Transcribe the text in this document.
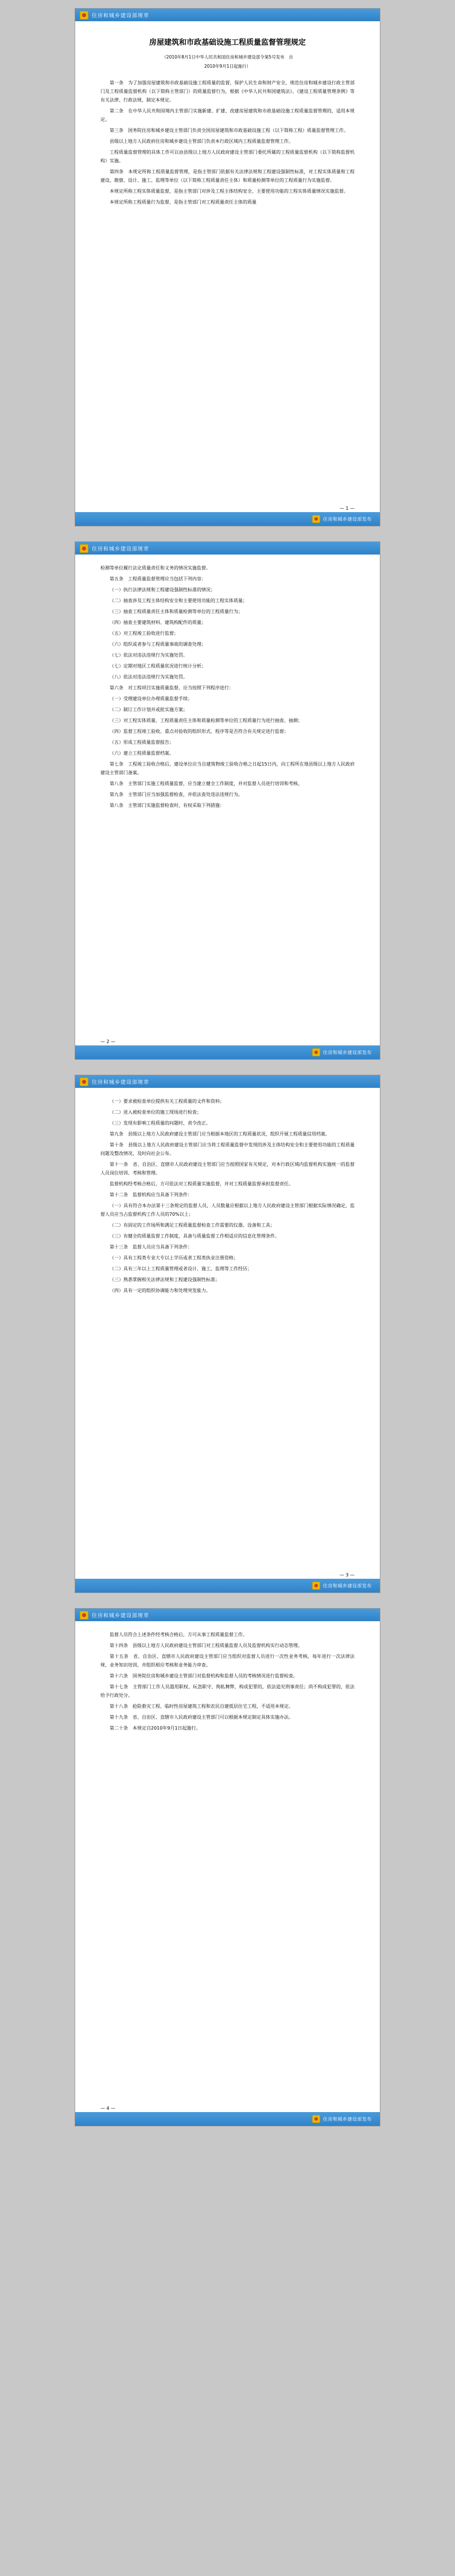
住房和城乡建设部规章
房屋建筑和市政基础设施工程质量监督管理规定
（2010年8月1日中华人民共和国住房和城乡建设部令第5号发布　自
2010年9月1日起施行）

第一条　为了加强房屋建筑和市政基础设施工程质量的监督，保护人民生命和财产安全，规范住房和城乡建设行政主管部门及工程质量监督机构（以下简称主管部门）的质量监督行为，根据《中华人民共和国建筑法》、《建设工程质量管理条例》等有关法律、行政法规，制定本规定。

第二条　在中华人民共和国境内主管部门实施新建、扩建、改建房屋建筑和市政基础设施工程质量监督管理的，适用本规定。

第三条　国务院住房和城乡建设主管部门负责全国房屋建筑和市政基础设施工程（以下简称工程）质量监督管理工作。

县级以上地方人民政府住房和城乡建设主管部门负责本行政区域内工程质量监督管理工作。

工程质量监督管理的具体工作可以由县级以上地方人民政府建设主管部门委托所属的工程质量监督机构（以下简称监督机构）实施。

第四条　本规定所称工程质量监督管理，是指主管部门依据有关法律法规和工程建设强制性标准，对工程实体质量和工程建设、勘察、设计、施工、监理等单位（以下简称工程质量责任主体）和质量检测等单位的工程质量行为实施监督。

本规定所称工程实体质量监督，是指主管部门对涉及工程主体结构安全、主要使用功能的工程实体质量情况实施监督。

本规定所称工程质量行为监督，是指主管部门对工程质量责任主体的质量

— 1 —
住房和城乡建设部发布
住房和城乡建设部规章

检测等单位履行法定质量责任和义务的情况实施监督。

第五条　工程质量监督管理应当包括下列内容：

（一）执行法律法规和工程建设强制性标准的情况；

（二）抽查涉及工程主体结构安全和主要使用功能的工程实体质量；

（三）抽查工程质量责任主体和质量检测等单位的工程质量行为；

（四）抽查主要建筑材料、建筑构配件的质量；

（五）对工程竣工验收进行监督；

（六）组织或者参与工程质量事故的调查处理；

（七）依法对违法违规行为实施处罚。

（七）定期对地区工程质量状况进行统计分析；

（八）依法对违法违规行为实施处罚。

第六条　对工程项目实施质量监督，应当按照下列程序进行：

（一）受理建设单位办理质量监督手续；

（二）制订工作计划并或批实施方案；

（三）对工程实体质量、工程质量责任主体和质量检测等单位的工程质量行为进行抽查、抽测；

（四）监督工程竣工验收、重点对验收的组织形式、程序等是否符合有关规定进行监督；

（五）形成工程质量监督报告；

（六）建立工程质量监督档案。

第七条　工程竣工验收合格后，建设单位应当自建筑物竣工验收合格之日起15日内，向工程所在地县级以上地方人民政府建设主管部门备案。

第八条　主管部门实施工程质量监督，应当建立健全工作制度，并对监督人员进行培训和考核。

第九条　主管部门应当加强监督检查，并依法查处违法违规行为。

第八条　主管部门实施监督检查时，有权采取下列措施：

— 2 —
住房和城乡建设部发布
住房和城乡建设部规章

（一）要求被检查单位提供有关工程质量的文件和资料；

（二）进入被检查单位的施工现场进行检查；

（三）发现有影响工程质量的问题时，责令改正。

第九条　县级以上地方人民政府建设主管部门应当根据本地区的工程质量状况，组织开展工程质量信用档案。

第十条　县级以上地方人民政府建设主管部门应当将工程质量监督中发现的涉及主体结构安全和主要使用功能的工程质量问题及整改情况，及时向社会公布。

第十一条　省、自治区、直辖市人民政府建设主管部门应当按照国家有关规定，对本行政区域内监督机构实施统一的监督人员岗位培训、考核和管理。

监督机构经考核合格后，方可依法对工程质量实施监督，并对工程质量监督承担监督责任。

第十二条　监督机构应当具备下列条件：

（一）具有符合本办法第十三条规定的监督人员，人员数量应根据以上地方人民政府建设主管部门根据实际情况确定，监督人员应当占监督机构工作人员的70%以上；

（二）有固定的工作场所和满足工程质量监督检查工作需要的仪器、设备和工具；

（三）有健全的质量监督工作制度，具备与质量监督工作相适应的信息化管理条件。

第十三条　监督人员应当具备下列条件：

（一）具有工程类专业大专以上学历或者工程类执业注册资格；

（二）具有三年以上工程质量管理或者设计、施工、监理等工作经历；

（三）熟悉掌握相关法律法规和工程建设强制性标准；

（四）具有一定的组织协调能力和处理突发能力。

— 3 —
住房和城乡建设部发布
住房和城乡建设部规章

监督人员符合上述条件经考核合格后，方可从事工程质量监督工作。

第十四条　县级以上地方人民政府建设主管部门对工程质量监督人员及监督机构实行动态管理。

第十五条　省、自治区、直辖市人民政府建设主管部门应当组织对监督人员进行一次性业务考核，每年进行一次法律法规、业务知识培训，并组织相应考核和业务能力审查。

第十六条　国务院住房和城乡建设主管部门对监督机构和监督人员的考核情况进行监督检查。

第十七条　主管部门工作人员滥用职权、玩忽职守、徇私舞弊，构成犯罪的，依法追究刑事责任；尚不构成犯罪的，依法给予行政处分。

第十八条　抢险救灾工程、临时性房屋建筑工程和农民自建低层住宅工程，不适用本规定。

第十九条　省、自治区、直辖市人民政府建设主管部门可以根据本规定制定具体实施办法。

第二十条　本规定自2010年9月1日起施行。

— 4 —
住房和城乡建设部发布
